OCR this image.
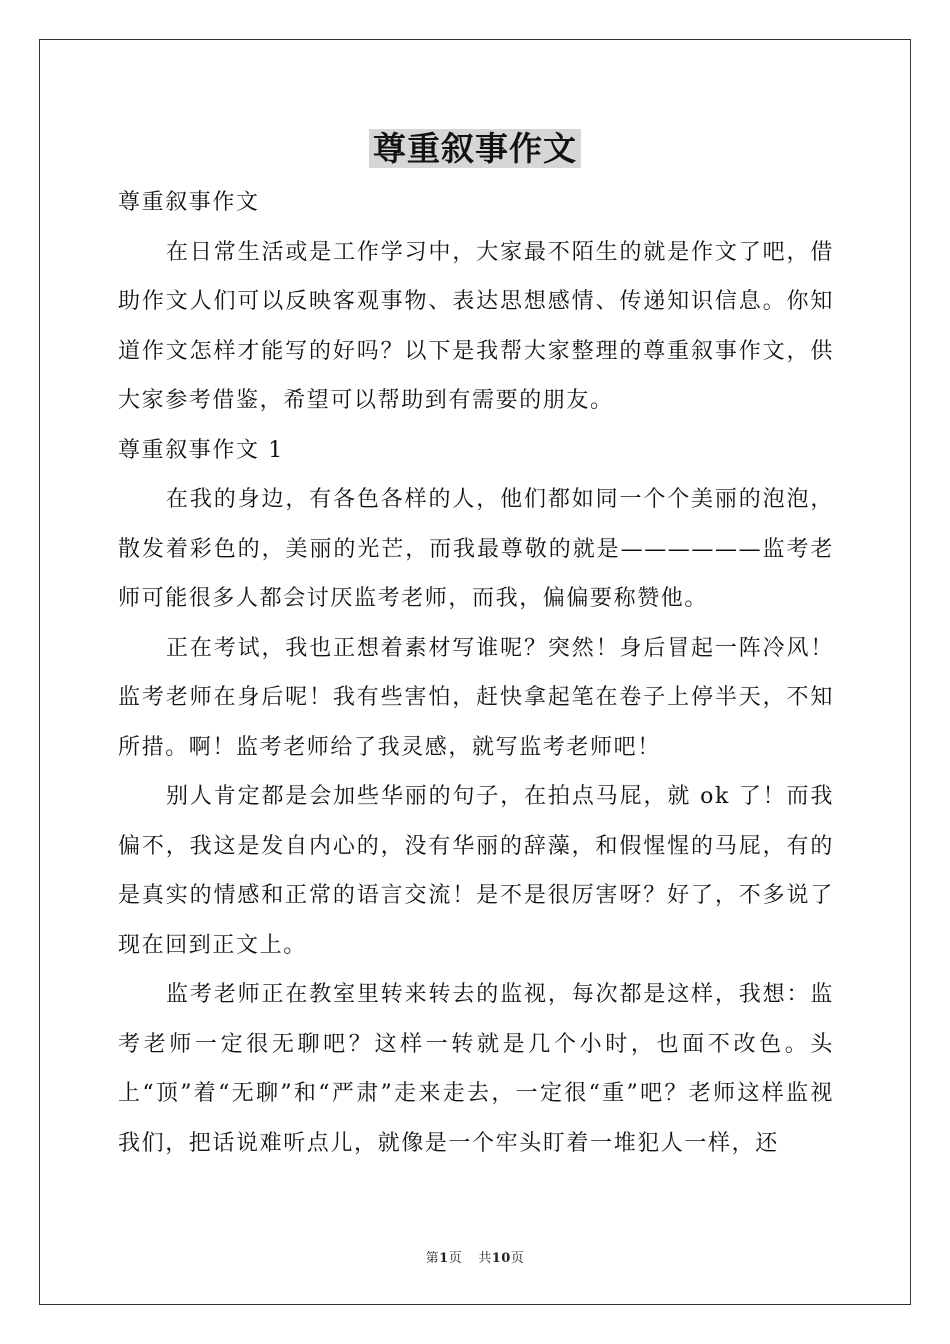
尊重叙事作文

尊重叙事作文

在日常生活或是工作学习中，大家最不陌生的就是作文了吧，借助作文人们可以反映客观事物、表达思想感情、传递知识信息。你知道作文怎样才能写的好吗？以下是我帮大家整理的尊重叙事作文，供大家参考借鉴，希望可以帮助到有需要的朋友。

尊重叙事作文 1

在我的身边，有各色各样的人，他们都如同一个个美丽的泡泡，散发着彩色的，美丽的光芒，而我最尊敬的就是——————监考老师可能很多人都会讨厌监考老师，而我，偏偏要称赞他。

正在考试，我也正想着素材写谁呢？突然！身后冒起一阵冷风！监考老师在身后呢！我有些害怕，赶快拿起笔在卷子上停半天，不知所措。啊！监考老师给了我灵感，就写监考老师吧！

别人肯定都是会加些华丽的句子，在拍点马屁，就 ok 了！而我偏不，我这是发自内心的，没有华丽的辞藻，和假惺惺的马屁，有的是真实的情感和正常的语言交流！是不是很厉害呀？好了，不多说了现在回到正文上。

监考老师正在教室里转来转去的监视，每次都是这样，我想：监考老师一定很无聊吧？这样一转就是几个小时，也面不改色。头上“顶”着“无聊”和“严肃”走来走去，一定很“重”吧？老师这样监视我们，把话说难听点儿，就像是一个牢头盯着一堆犯人一样，还

第1页 共10页
